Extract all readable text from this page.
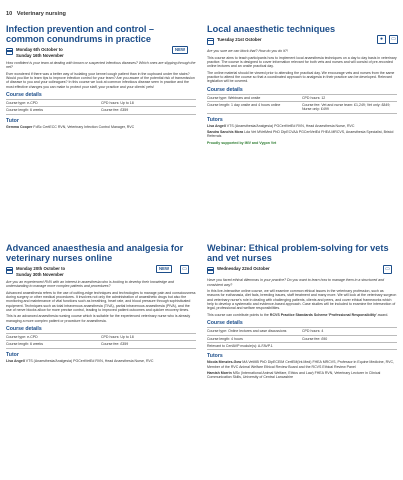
10 Veterinary nursing

Infection prevention and control –
common conundrums in practice

Monday 6th October to
Sunday 16th November
NEW

How confident is your team at dealing with known or suspected infectious diseases? Which ones are slipping through the net?

Ever wondered if there was a better way of isolating your kennel cough patient than in the cupboard under the stairs? Would you like to learn tips to improve infection control for your team? Are you aware of the potential risk of transmission of disease to you and your colleagues? In this course we look at common infectious disease seen in practice and the most effective changes you can make to protect your staff, your practice and your clients' pets!

Course details
Course type: e-CPD	CPD hours: Up to 18
Course length: 6 weeks	Course fee: £359
Tutor

Gemma Cooper FdSc CertECC RVN, Veterinary Infection Control Manager, RVC

Local anaesthetic techniques

Tuesday 21st October	●	▭

Are you sure we can block that? How do you do it?!

This course aims to teach participants how to implement local anaesthesia techniques on a day to day basis in veterinary practice. The course is designed to cover information relevant for both vets and nurses and will consist of pre-recorded online lectures and an onsite practical day.

The online material should be viewed prior to attending the practical day. We encourage vets and nurses from the same practice to attend the course so that a coordinated approach to analgesia in their practice can be developed. Relevant legislation will be covered.

Course details
Course type: Webinars and onsite	CPD hours: 12
Course length: 1 day onsite and 4 hours online	Course fee: Vet and nurse team: £1,249; Vet only: £849; Nurse only: £499
Tutors

Lisa Angell VTS (Anaesthesia/Analgesia) PGCertVetEd RVN, Head Anaesthesia Nurse, RVC

Sandra Sanchis Mora Lda Vet MVetMed PhD DipECVAA PGCertVetEd FHEA MRCVS, Anaesthesia Specialist, Bristol Referrals

Proudly supported by IMV and Vygon Vet

Advanced anaesthesia and analgesia for
veterinary nurses online

Monday 20th October to
Sunday 30th November
NEW	▭

Are you an experienced RVN with an interest in anaesthesia who is looking to develop their knowledge and understanding to manage more complex patients and procedures?

Advanced anaesthesia refers to the use of cutting-edge techniques and technologies to manage pain and consciousness during surgery or other medical procedures. It involves not only the administration of anaesthetic drugs but also the monitoring and maintenance of vital functions such as breathing, heart rate, and blood pressure through sophisticated equipment. Techniques such as total intravenous anaesthesia (TIVA), partial intravenous anaesthesia (PIVA), and the use of nerve blocks allow for more precise control, leading to improved patient outcomes and quicker recovery times.

This is an advanced anaesthesia nursing course which is suitable for the experienced veterinary nurse who is already managing a more complex patient or procedure for anaesthesia.

Course details
Course type: e-CPD	CPD hours: Up to 18
Course length: 6 weeks	Course fee: £359
Tutor

Lisa Angell VTS (Anaesthesia/Analgesia) PGCertVetEd RVN, Head Anaesthesia Nurse, RVC

Webinar: Ethical problem-solving for vets
and vet nurses

Wednesday 22nd October	▭

Have you faced ethical dilemmas in your practice? Do you want to learn how to manage them in a structured and consistent way?

In this live-interactive online course, we will examine common ethical issues in the veterinary profession, such as reasons for euthanasia, diet fads, breeding issues, staff treatment and many more. We will look at the veterinary surgeon and veterinary nurse's role in dealing with challenging patients, clients and peers, and cover ethical frameworks which help to develop a systematic and evidence-based approach. Case studies will be included to examine the intersection of legal, professional and welfare responsibilities.

This course can contribute points to the RCVS Practice Standards Scheme 'Professional Responsibility' award.

Course details
Course type: Online lectures and case discussions	CPD hours: 4
Course length: 4 hours	Course fee: £90
Relevant to CertAVP module(s): A-FAVP.1
Tutors

Nicola Menzies-Gow MA VetMB PhD DipECEIM CertEM(Int.Med) FHEA MRCVS, Professor in Equine Medicine, RVC, Member of the RVC Animal Welfare Ethical Review Board and the RCVS Ethical Review Panel

Hamish Morrin MSc (International Animal Welfare, Ethics and Law) FHEA RVN, Veterinary Lecturer in Clinical Communication Skills, University of Central Lancashire
